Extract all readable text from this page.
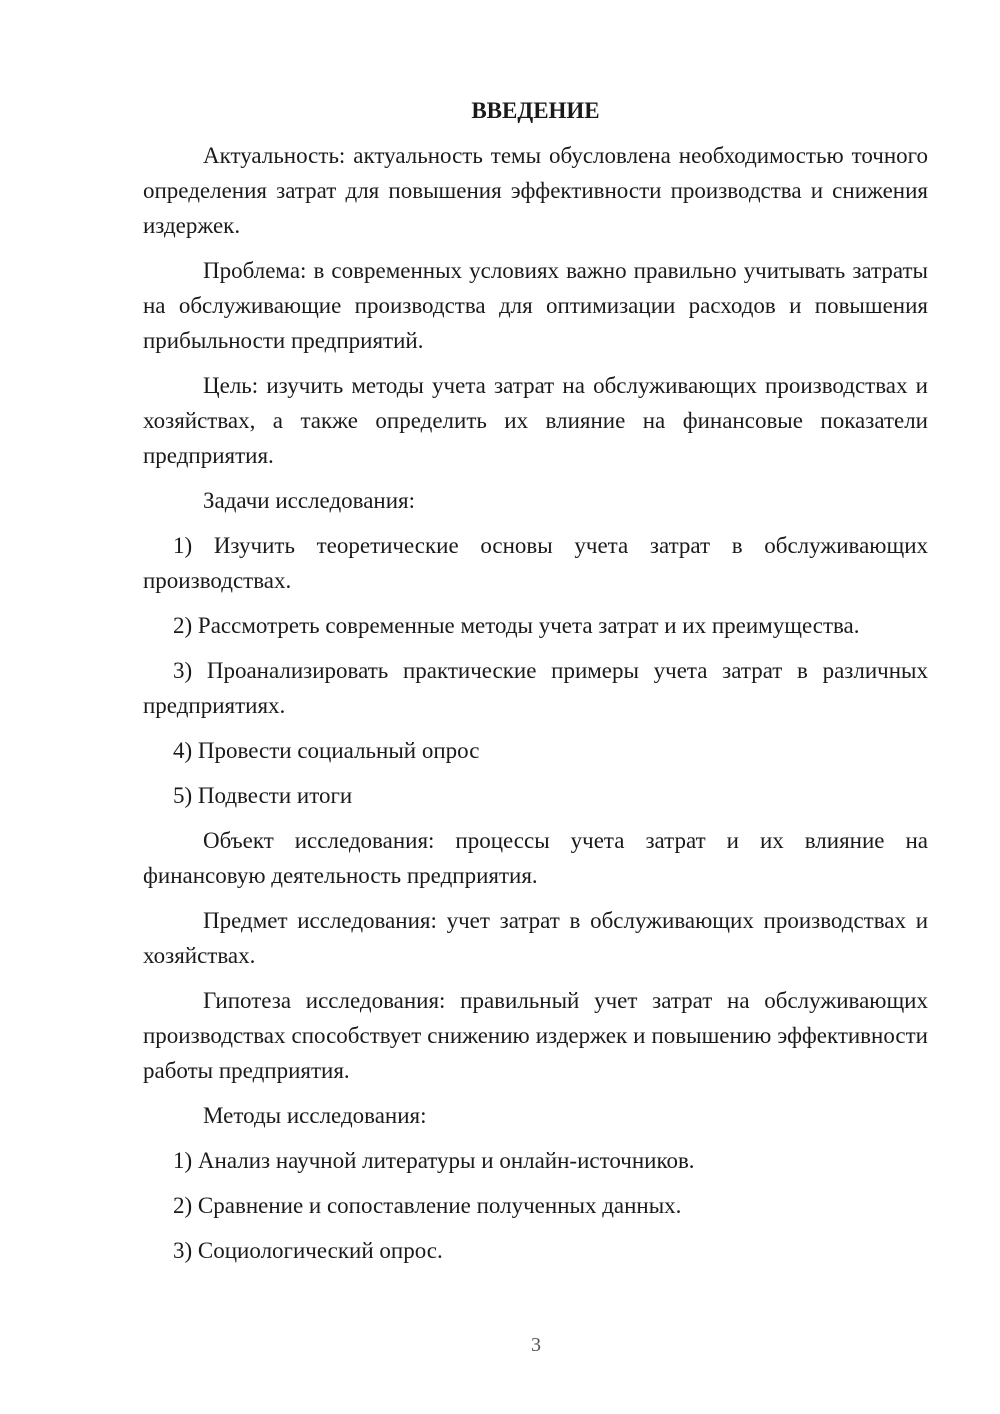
ВВЕДЕНИЕ

Актуальность: актуальность темы обусловлена необходимостью точного определения затрат для повышения эффективности производства и снижения издержек.

Проблема: в современных условиях важно правильно учитывать затраты на обслуживающие производства для оптимизации расходов и повышения прибыльности предприятий.

Цель: изучить методы учета затрат на обслуживающих производствах и хозяйствах, а также определить их влияние на финансовые показатели предприятия.

Задачи исследования:

1) Изучить теоретические основы учета затрат в обслуживающих производствах.

2) Рассмотреть современные методы учета затрат и их преимущества.

3) Проанализировать практические примеры учета затрат в различных предприятиях.

4) Провести социальный опрос

5) Подвести итоги

Объект исследования: процессы учета затрат и их влияние на финансовую деятельность предприятия.

Предмет исследования: учет затрат в обслуживающих производствах и хозяйствах.

Гипотеза исследования: правильный учет затрат на обслуживающих производствах способствует снижению издержек и повышению эффективности работы предприятия.

Методы исследования:

1) Анализ научной литературы и онлайн-источников.

2) Сравнение и сопоставление полученных данных.

3) Социологический опрос.

3
